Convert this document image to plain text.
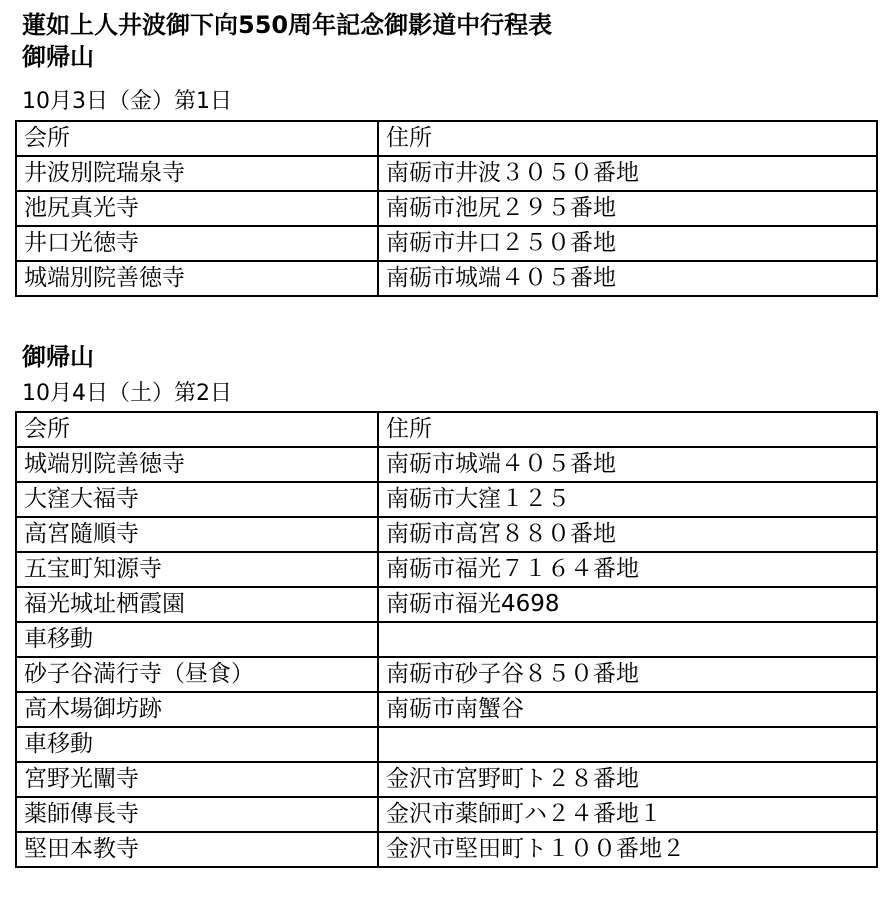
蓮如上人井波御下向550周年記念御影道中行程表
御帰山
10月3日（金）第1日
会所	住所
井波別院瑞泉寺	南砺市井波３０５０番地
池尻真光寺	南砺市池尻２９５番地
井口光徳寺	南砺市井口２５０番地
城端別院善徳寺	南砺市城端４０５番地
御帰山
10月4日（土）第2日
会所	住所
城端別院善徳寺	南砺市城端４０５番地
大窪大福寺	南砺市大窪１２５
高宮隨順寺	南砺市高宮８８０番地
五宝町知源寺	南砺市福光７１６４番地
福光城址栖霞園	南砺市福光4698
車移動	
砂子谷満行寺（昼食）	南砺市砂子谷８５０番地
高木場御坊跡	南砺市南蟹谷
車移動	
宮野光闡寺	金沢市宮野町ト２８番地
薬師傳長寺	金沢市薬師町ハ２４番地１
堅田本教寺	金沢市堅田町ト１００番地２
